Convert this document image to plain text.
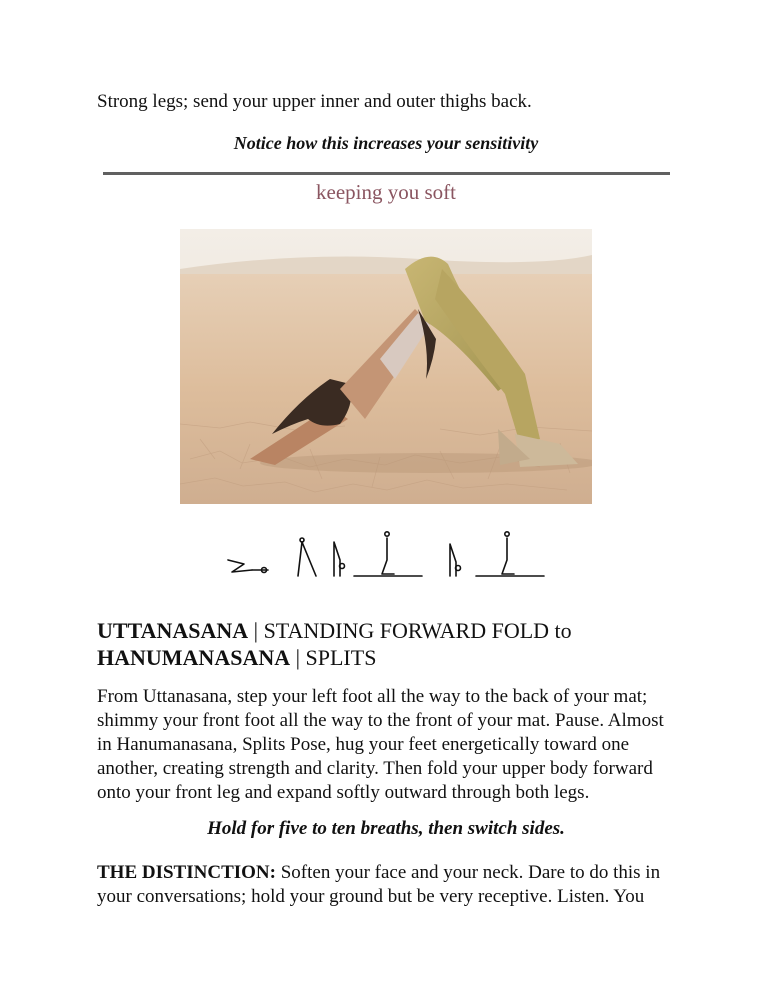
Strong legs; send your upper inner and outer thighs back.

Notice how this increases your sensitivity

keeping you soft

UTTANASANA | STANDING FORWARD FOLD to
HANUMANASANA | SPLITS

From Uttanasana, step your left foot all the way to the back of your mat; shimmy your front foot all the way to the front of your mat. Pause. Almost in Hanumanasana, Splits Pose, hug your feet energetically toward one another, creating strength and clarity. Then fold your upper body forward onto your front leg and expand softly outward through both legs.

Hold for five to ten breaths, then switch sides.

THE DISTINCTION: Soften your face and your neck. Dare to do this in your conversations; hold your ground but be very receptive. Listen. You
